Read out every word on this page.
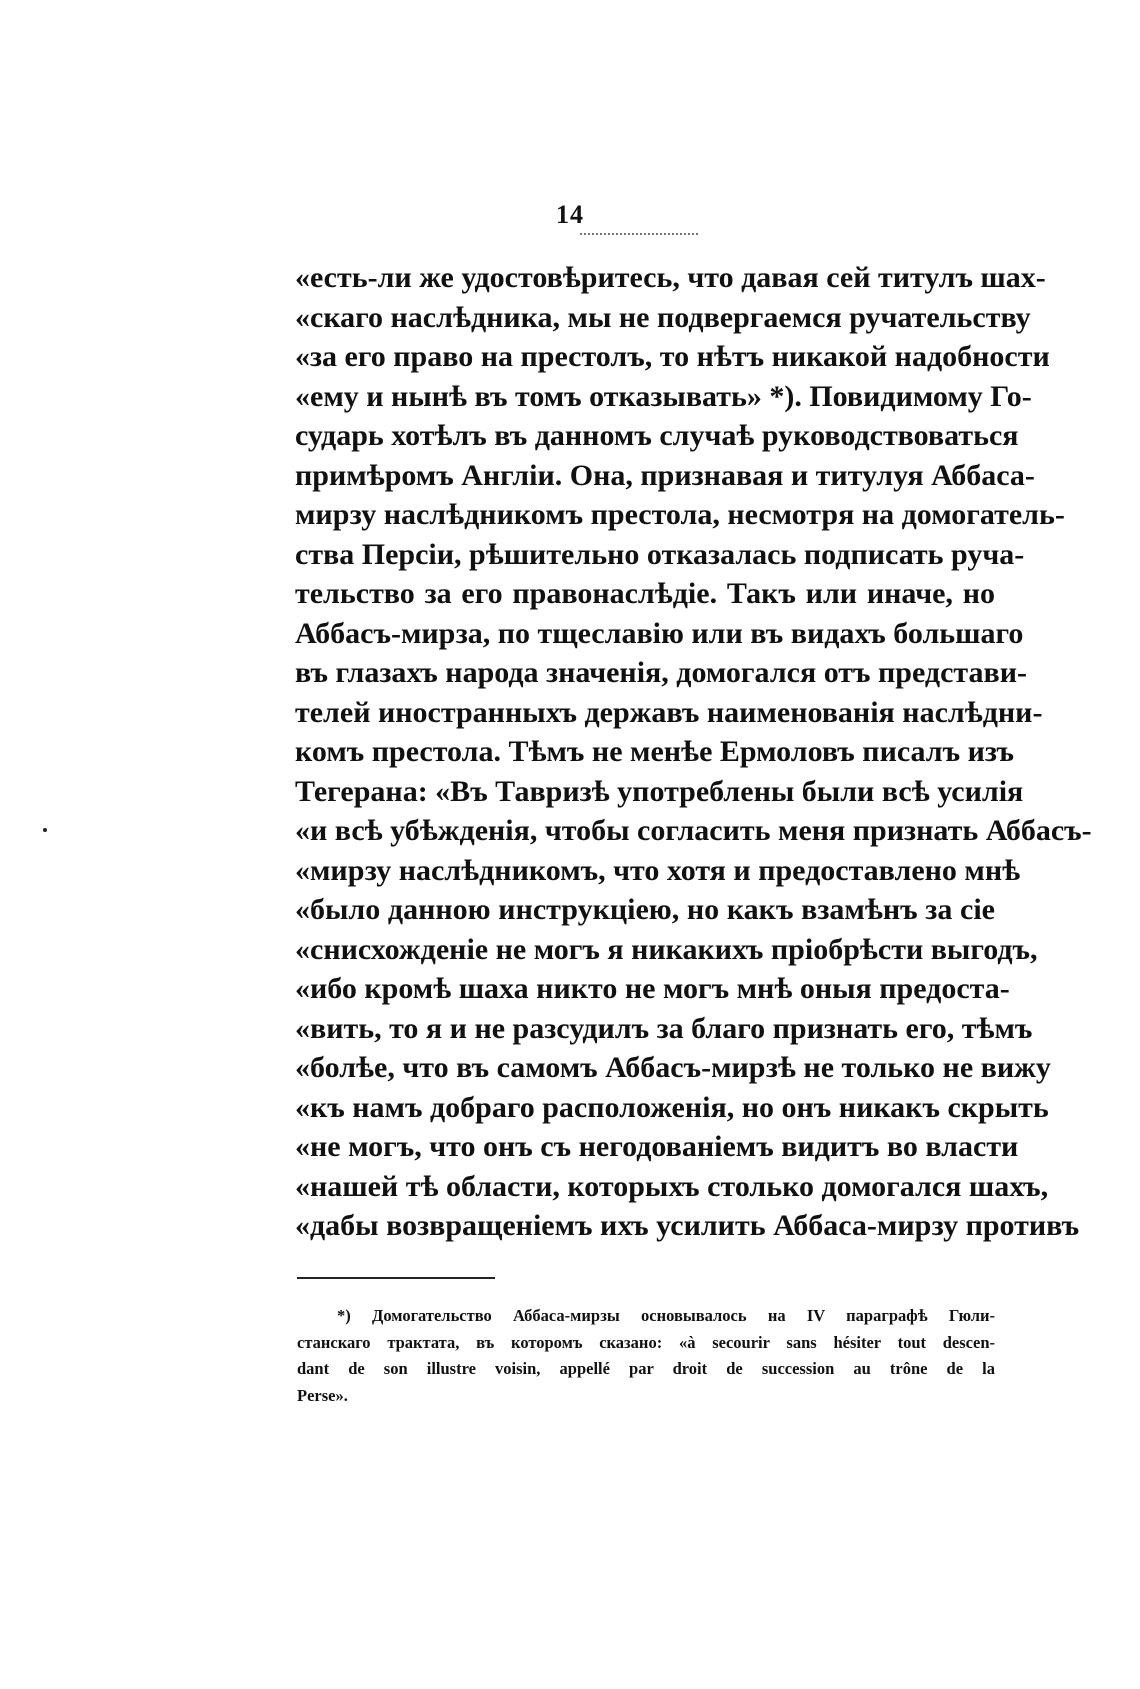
14
«есть-ли же удостовѣритесь, что давая сей титулъ шах-
«скаго наслѣдника, мы не подвергаемся ручательству
«за его право на престолъ, то нѣтъ никакой надобности
«ему и нынѣ въ томъ отказывать» *). Повидимому Го-
сударь хотѣлъ въ данномъ случаѣ руководствоваться
примѣромъ Англіи. Она, признавая и титулуя Аббаса-
мирзу наслѣдникомъ престола, несмотря на домогатель-
ства Персіи, рѣшительно отказалась подписать руча-
тельство за его правонаслѣдіе. Такъ или иначе, но
Аббасъ-мирза, по тщеславію или въ видахъ большаго
въ глазахъ народа значенія, домогался отъ представи-
телей иностранныхъ державъ наименованія наслѣдни-
комъ престола. Тѣмъ не менѣе Ермоловъ писалъ изъ
Тегерана: «Въ Тавризѣ употреблены были всѣ усилія
«и всѣ убѣжденія, чтобы согласить меня признать Аббасъ-
«мирзу наслѣдникомъ, что хотя и предоставлено мнѣ
«было данною инструкціею, но какъ взамѣнъ за сіе
«снисхожденіе не могъ я никакихъ пріобрѣсти выгодъ,
«ибо кромѣ шаха никто не могъ мнѣ оныя предоста-
«вить, то я и не разсудилъ за благо признать его, тѣмъ
«болѣе, что въ самомъ Аббасъ-мирзѣ не только не вижу
«къ намъ добраго расположенія, но онъ никакъ скрыть
«не могъ, что онъ съ негодованіемъ видитъ во власти
«нашей тѣ области, которыхъ столько домогался шахъ,
«дабы возвращеніемъ ихъ усилить Аббаса-мирзу противъ
*) Домогательство Аббаса-мирзы основывалось на IV параграфѣ Гюли-
станскаго трактата, въ которомъ сказано: «à secourir sans hésiter tout descen-
dant de son illustre voisin, appellé par droit de succession au trône de la
Perse».
